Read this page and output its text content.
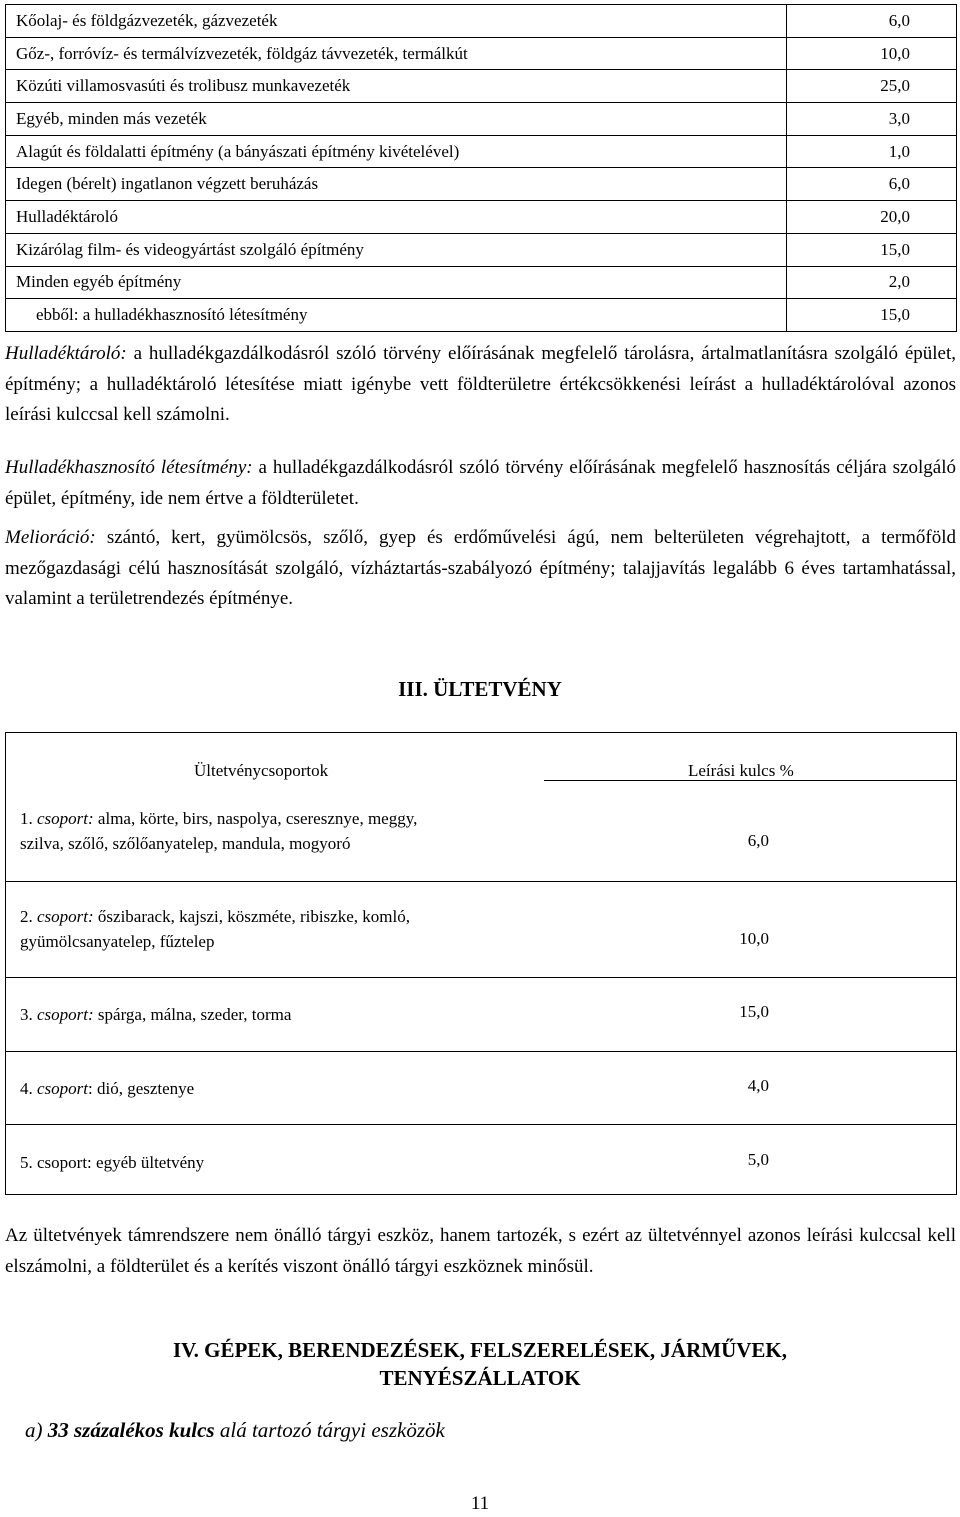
Kőolaj- és földgázvezeték, gázvezeték	6,0
Gőz-, forróvíz- és termálvízvezeték, földgáz távvezeték, termálkút	10,0
Közúti villamosvasúti és trolibusz munkavezeték	25,0
Egyéb, minden más vezeték	3,0
Alagút és földalatti építmény (a bányászati építmény kivételével)	1,0
Idegen (bérelt) ingatlanon végzett beruházás	6,0
Hulladéktároló	20,0
Kizárólag film- és videogyártást szolgáló építmény	15,0
Minden egyéb építmény	2,0
ebből: a hulladékhasznosító létesítmény	15,0

Hulladéktároló: a hulladékgazdálkodásról szóló törvény előírásának megfelelő tárolásra, ártalmatlanításra szolgáló épület, építmény; a hulladéktároló létesítése miatt igénybe vett földterületre értékcsökkenési leírást a hulladéktárolóval azonos leírási kulccsal kell számolni.

Hulladékhasznosító létesítmény: a hulladékgazdálkodásról szóló törvény előírásának megfelelő hasznosítás céljára szolgáló épület, építmény, ide nem értve a földterületet.

Melioráció: szántó, kert, gyümölcsös, szőlő, gyep és erdőművelési ágú, nem belterületen végrehajtott, a termőföld mezőgazdasági célú hasznosítását szolgáló, vízháztartás-szabályozó építmény; talajjavítás legalább 6 éves tartamhatással, valamint a területrendezés építménye.

III. ÜLTETVÉNY
Ültetvénycsoportok	Leírási kulcs %
1. csoport: alma, körte, birs, naspolya, cseresznye, meggy,
szilva, szőlő, szőlőanyatelep, mandula, mogyoró	6,0
2. csoport: őszibarack, kajszi, köszméte, ribiszke, komló,
gyümölcsanyatelep, fűztelep	10,0
3. csoport: spárga, málna, szeder, torma	15,0
4. csoport: dió, gesztenye	4,0
5. csoport: egyéb ültetvény	5,0

Az ültetvények támrendszere nem önálló tárgyi eszköz, hanem tartozék, s ezért az ültetvénnyel azonos leírási kulccsal kell elszámolni, a földterület és a kerítés viszont önálló tárgyi eszköznek minősül.

IV. GÉPEK, BERENDEZÉSEK, FELSZERELÉSEK, JÁRMŰVEK,
TENYÉSZÁLLATOK
a) 33 százalékos kulcs alá tartozó tárgyi eszközök
11
